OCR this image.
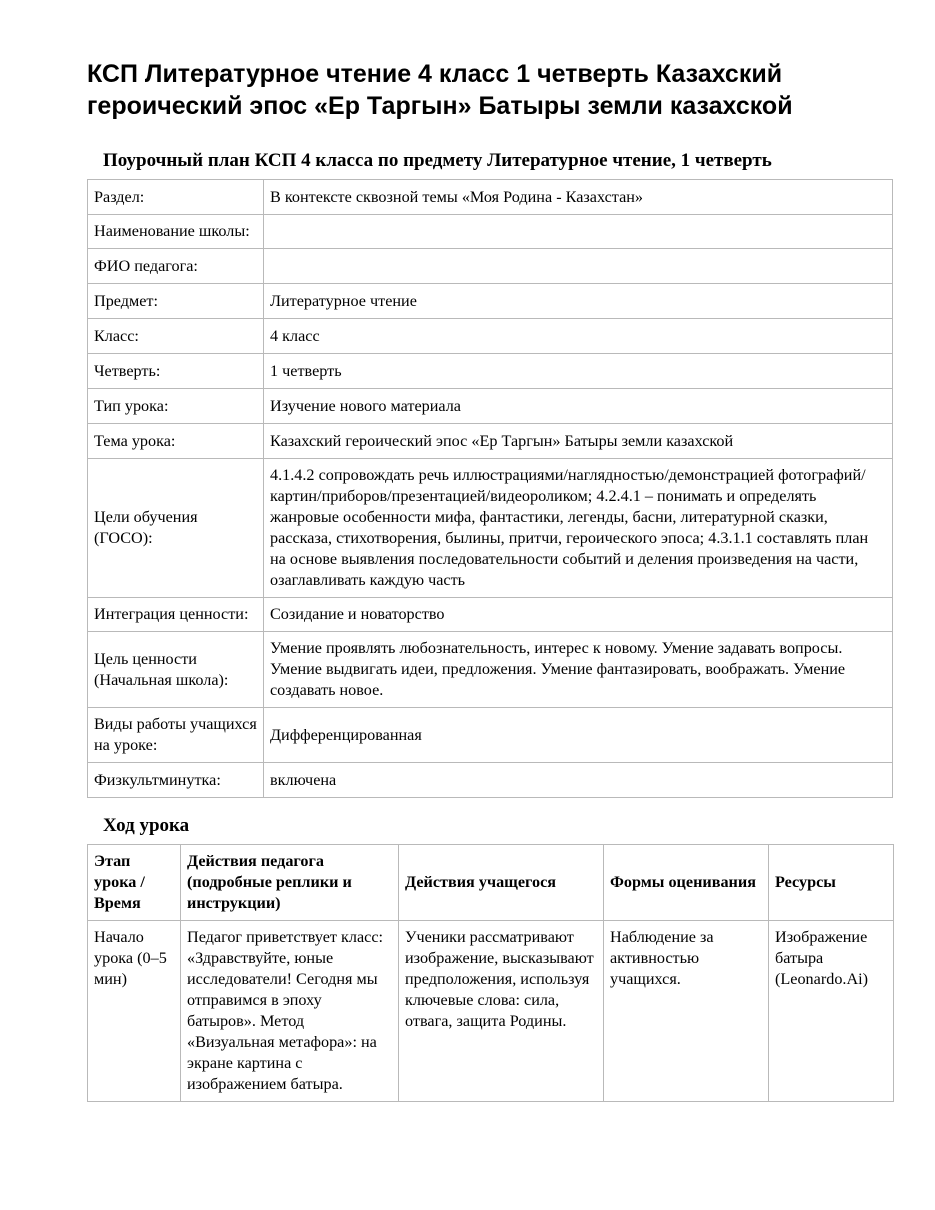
КСП Литературное чтение 4 класс 1 четверть Казахский героический эпос «Ер Таргын» Батыры земли казахской
Поурочный план КСП 4 класса по предмету Литературное чтение, 1 четверть
Раздел:	В контексте сквозной темы «Моя Родина - Казахстан»
Наименование школы:	
ФИО педагога:	
Предмет:	Литературное чтение
Класс:	4 класс
Четверть:	1 четверть
Тип урока:	Изучение нового материала
Тема урока:	Казахский героический эпос «Ер Таргын» Батыры земли казахской
Цели обучения (ГОСО):	4.1.4.2 сопровождать речь иллюстрациями/наглядностью/демонстрацией фотографий/картин/приборов/презентацией/видеороликом; 4.2.4.1 – понимать и определять жанровые особенности мифа, фантастики, легенды, басни, литературной сказки, рассказа, стихотворения, былины, притчи, героического эпоса; 4.3.1.1 составлять план на основе выявления последовательности событий и деления произведения на части, озаглавливать каждую часть
Интеграция ценности:	Созидание и новаторство
Цель ценности (Начальная школа):	Умение проявлять любознательность, интерес к новому. Умение задавать вопросы. Умение выдвигать идеи, предложения. Умение фантазировать, воображать. Умение создавать новое.
Виды работы учащихся на уроке:	Дифференцированная
Физкультминутка:	включена
Ход урока
Этап урока / Время	Действия педагога (подробные реплики и инструкции)	Действия учащегося	Формы оценивания	Ресурсы
Начало урока (0–5 мин)	Педагог приветствует класс: «Здравствуйте, юные исследователи! Сегодня мы отправимся в эпоху батыров». Метод «Визуальная метафора»: на экране картина с изображением батыра.	Ученики рассматривают изображение, высказывают предположения, используя ключевые слова: сила, отвага, защита Родины.	Наблюдение за активностью учащихся.	Изображение батыра (Leonardo.Ai)
